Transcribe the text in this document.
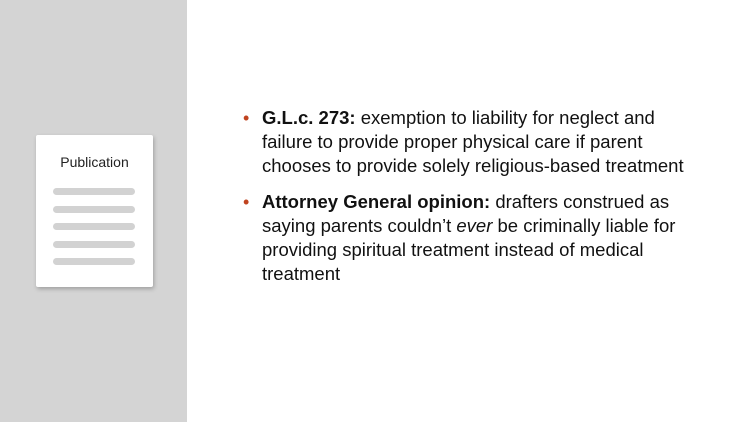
Publication
• G.L.c. 273: exemption to liability for neglect and failure to provide proper physical care if parent chooses to provide solely religious-based treatment
• Attorney General opinion: drafters construed as saying parents couldn’t ever be criminally liable for providing spiritual treatment instead of medical treatment
